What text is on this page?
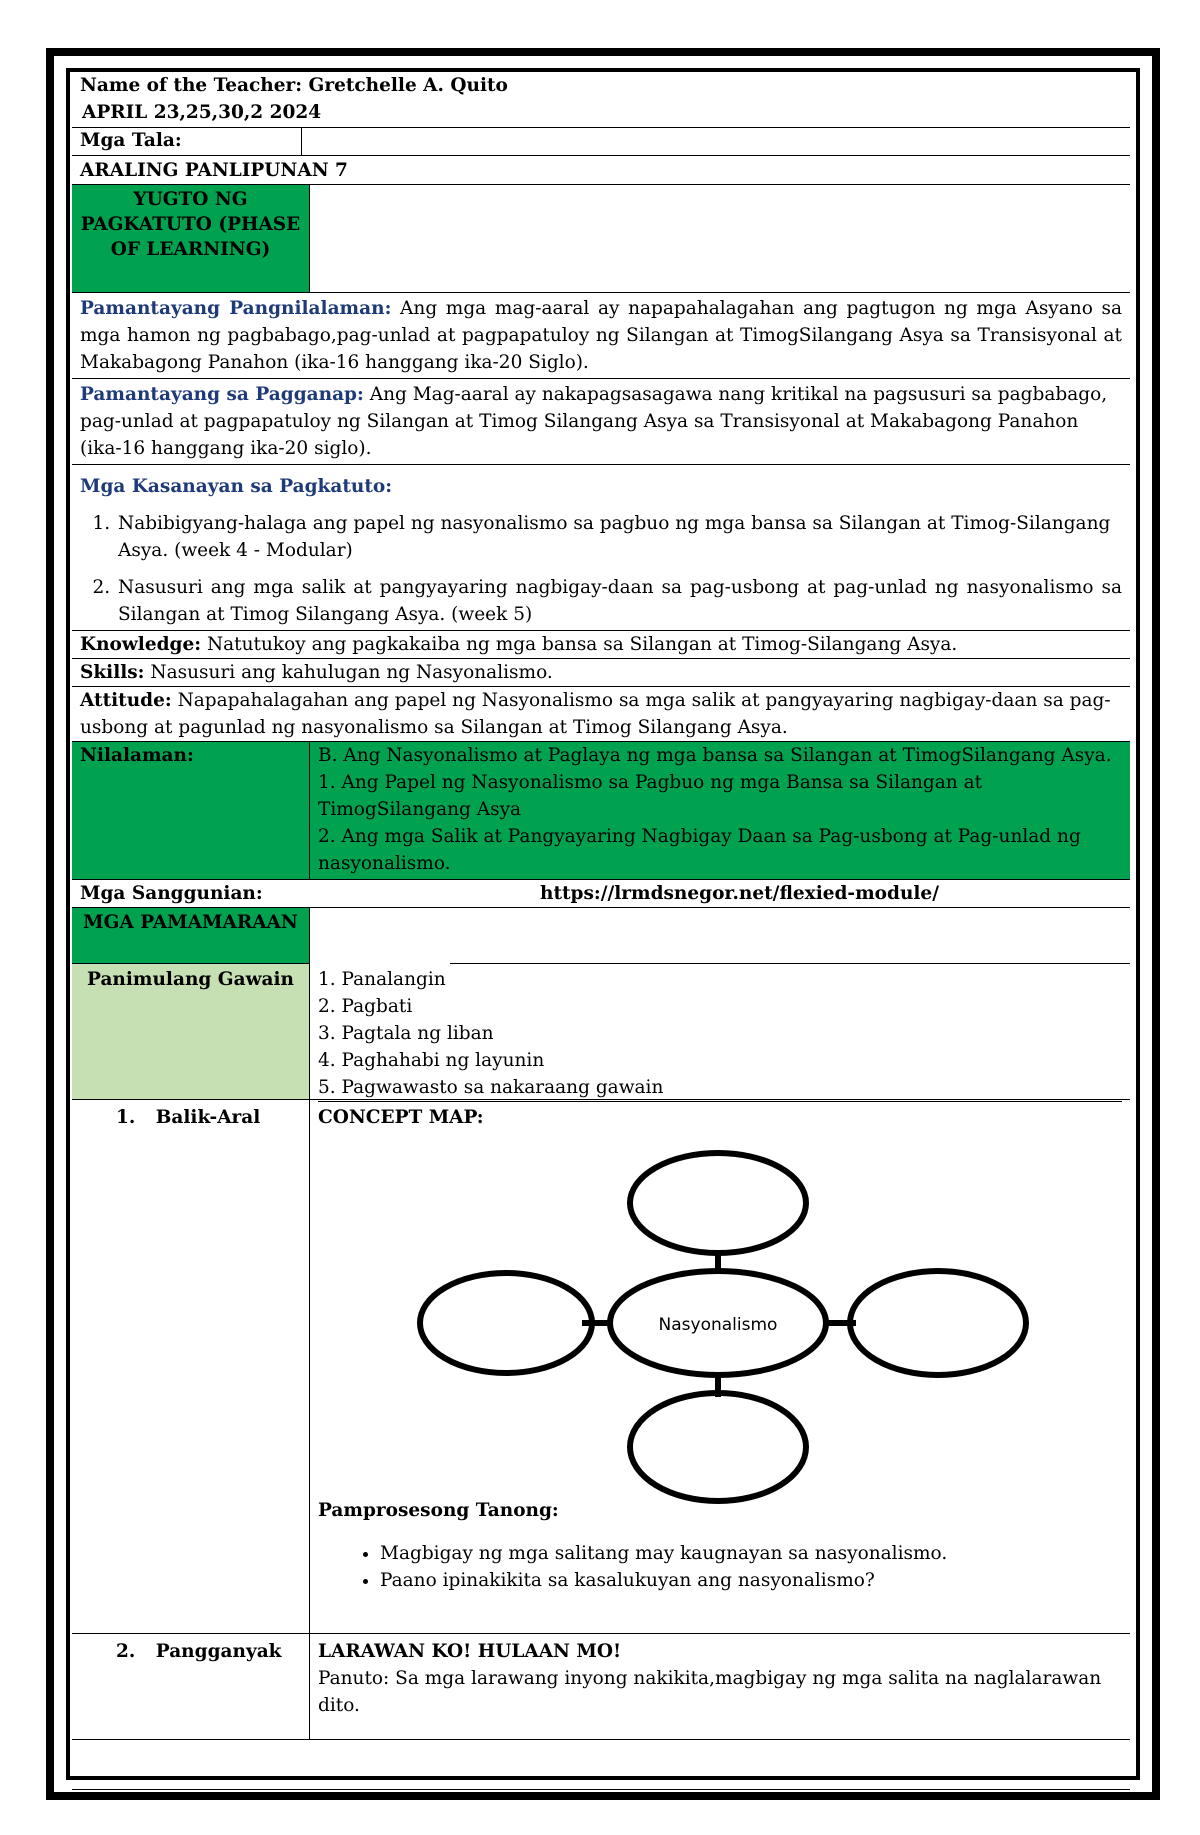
Name of the Teacher: Gretchelle A. Quito
APRIL 23,25,30,2 2024
Mga Tala:
ARALING PANLIPUNAN 7
YUGTO NG PAGKATUTO (PHASE OF LEARNING)
Pamantayang Pangnilalaman: Ang mga mag-aaral ay napapahalagahan ang pagtugon ng mga Asyano sa mga hamon ng pagbabago,pag-unlad at pagpapatuloy ng Silangan at TimogSilangang Asya sa Transisyonal at Makabagong Panahon (ika-16 hanggang ika-20 Siglo).
Pamantayang sa Pagganap: Ang Mag-aaral ay nakapagsasagawa nang kritikal na pagsusuri sa pagbabago, pag-unlad at pagpapatuloy ng Silangan at Timog Silangang Asya sa Transisyonal at Makabagong Panahon (ika-16 hanggang ika-20 siglo).
Mga Kasanayan sa Pagkatuto:
1. Nabibigyang-halaga ang papel ng nasyonalismo sa pagbuo ng mga bansa sa Silangan at Timog-Silangang Asya. (week 4 - Modular)
2. Nasusuri ang mga salik at pangyayaring nagbigay-daan sa pag-usbong at pag-unlad ng nasyonalismo sa Silangan at Timog Silangang Asya. (week 5)
Knowledge: Natutukoy ang pagkakaiba ng mga bansa sa Silangan at Timog-Silangang Asya.
Skills: Nasusuri ang kahulugan ng Nasyonalismo.
Attitude: Napapahalagahan ang papel ng Nasyonalismo sa mga salik at pangyayaring nagbigay-daan sa pag-usbong at pagunlad ng nasyonalismo sa Silangan at Timog Silangang Asya.
Nilalaman:	B. Ang Nasyonalismo at Paglaya ng mga bansa sa Silangan at TimogSilangang Asya.
1. Ang Papel ng Nasyonalismo sa Pagbuo ng mga Bansa sa Silangan at TimogSilangang Asya
2. Ang mga Salik at Pangyayaring Nagbigay Daan sa Pag-usbong at Pag-unlad ng nasyonalismo.
Mga Sanggunian:	https://lrmdsnegor.net/flexied-module/
MGA PAMAMARAAN
Panimulang Gawain	1. Panalangin
2. Pagbati
3. Pagtala ng liban
4. Paghahabi ng layunin
5. Pagwawasto sa nakaraang gawain
1. Balik-Aral	CONCEPT MAP:
Nasyonalismo
Pamprosesong Tanong:
• Magbigay ng mga salitang may kaugnayan sa nasyonalismo.
• Paano ipinakikita sa kasalukuyan ang nasyonalismo?
2. Pangganyak	LARAWAN KO! HULAAN MO!
Panuto: Sa mga larawang inyong nakikita,magbigay ng mga salita na naglalarawan dito.
